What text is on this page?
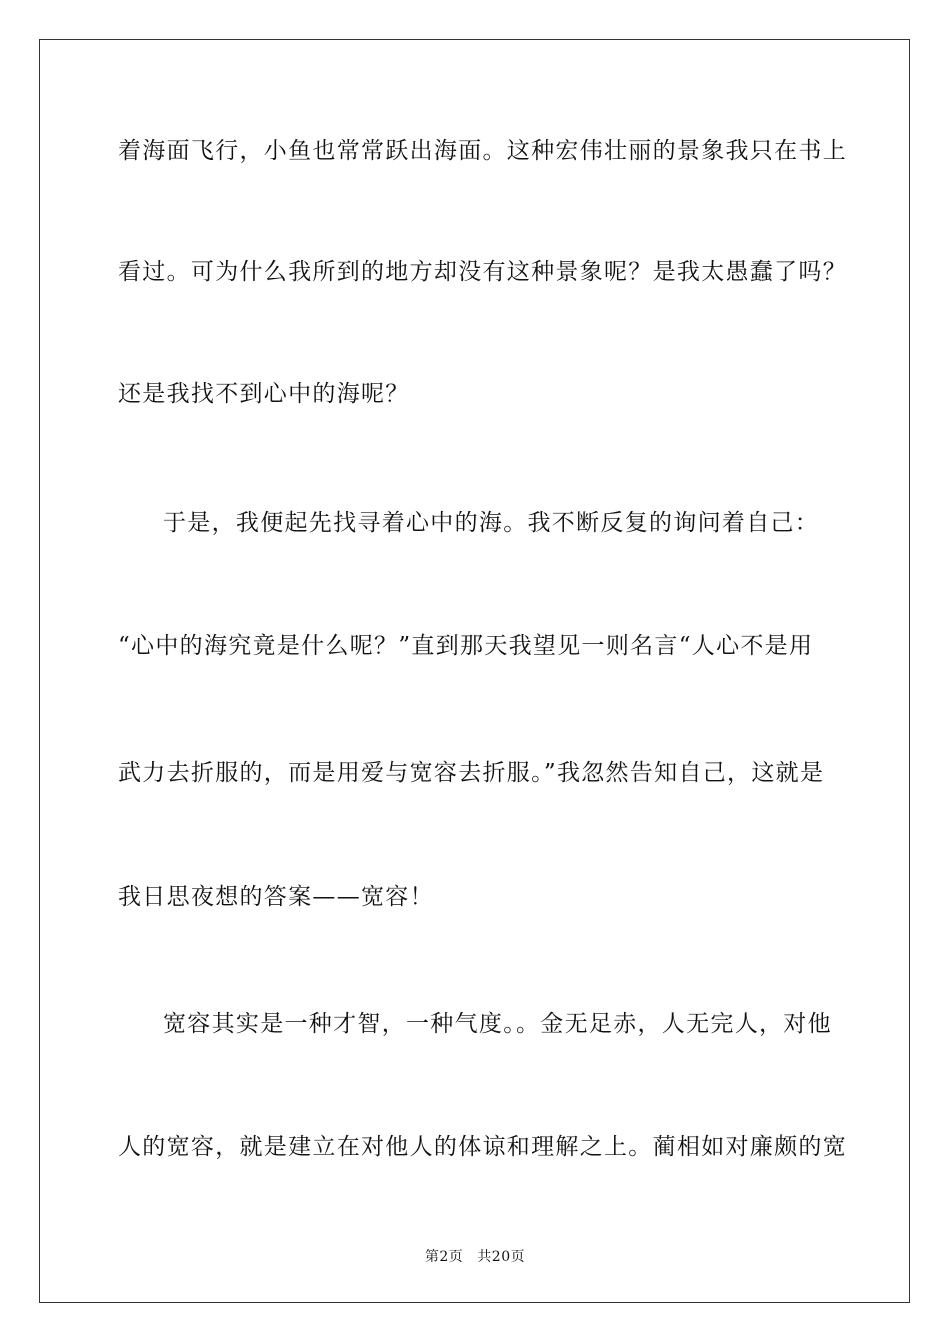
着海面飞行，小鱼也常常跃出海面。这种宏伟壮丽的景象我只在书上
看过。可为什么我所到的地方却没有这种景象呢？是我太愚蠢了吗？
还是我找不到心中的海呢？
于是，我便起先找寻着心中的海。我不断反复的询问着自己：
“心中的海究竟是什么呢？”直到那天我望见一则名言“人心不是用
武力去折服的，而是用爱与宽容去折服。”我忽然告知自己，这就是
我日思夜想的答案——宽容！
宽容其实是一种才智，一种气度。。金无足赤，人无完人，对他
人的宽容，就是建立在对他人的体谅和理解之上。蔺相如对廉颇的宽
第2页 共20页
